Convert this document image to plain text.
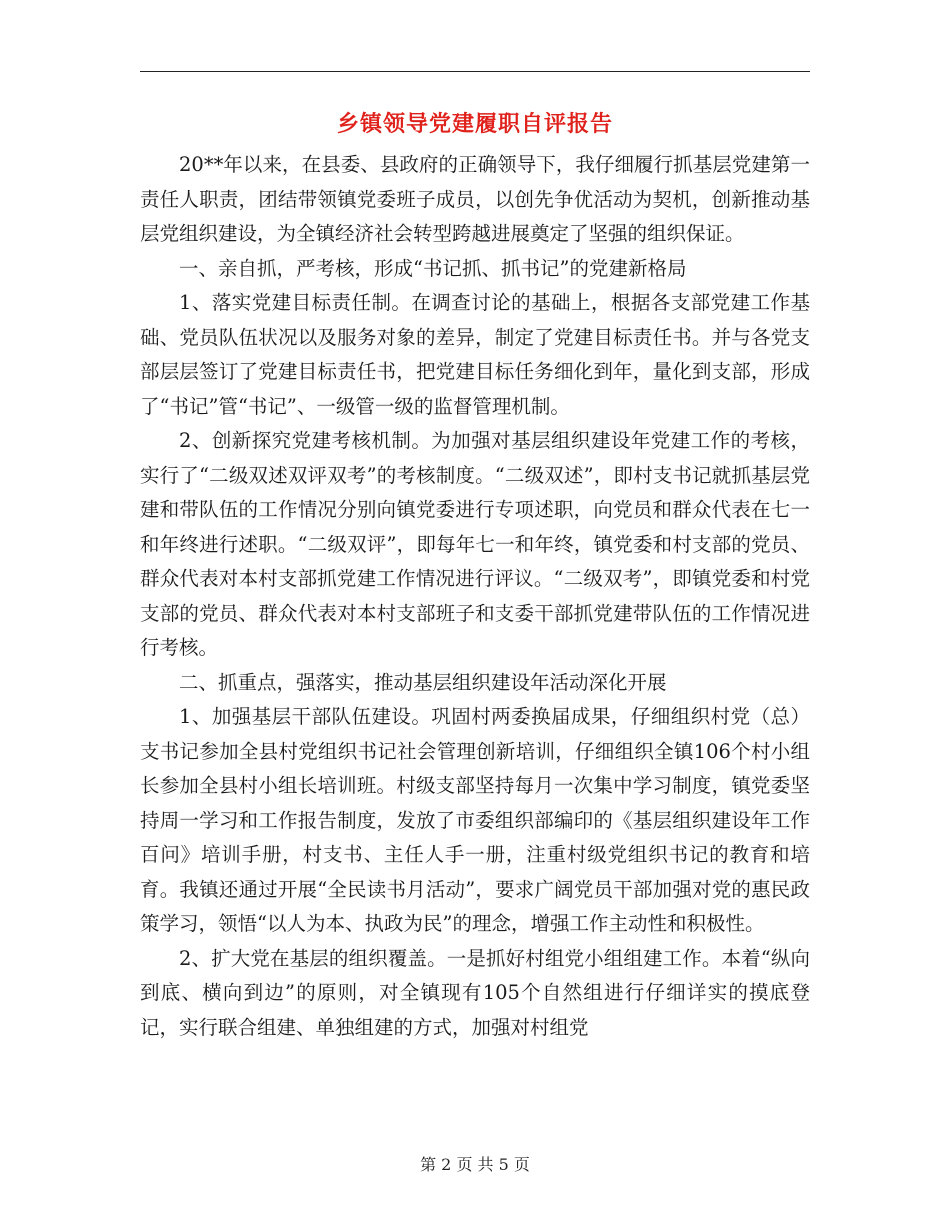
乡镇领导党建履职自评报告

20**年以来，在县委、县政府的正确领导下，我仔细履行抓基层党建第一责任人职责，团结带领镇党委班子成员，以创先争优活动为契机，创新推动基层党组织建设，为全镇经济社会转型跨越进展奠定了坚强的组织保证。

一、亲自抓，严考核，形成“书记抓、抓书记”的党建新格局

1、落实党建目标责任制。在调查讨论的基础上，根据各支部党建工作基础、党员队伍状况以及服务对象的差异，制定了党建目标责任书。并与各党支部层层签订了党建目标责任书，把党建目标任务细化到年，量化到支部，形成了“书记”管“书记”、一级管一级的监督管理机制。

2、创新探究党建考核机制。为加强对基层组织建设年党建工作的考核，实行了“二级双述双评双考”的考核制度。“二级双述”，即村支书记就抓基层党建和带队伍的工作情况分别向镇党委进行专项述职，向党员和群众代表在七一和年终进行述职。“二级双评”，即每年七一和年终，镇党委和村支部的党员、群众代表对本村支部抓党建工作情况进行评议。“二级双考”，即镇党委和村党支部的党员、群众代表对本村支部班子和支委干部抓党建带队伍的工作情况进行考核。

二、抓重点，强落实，推动基层组织建设年活动深化开展

1、加强基层干部队伍建设。巩固村两委换届成果，仔细组织村党（总）支书记参加全县村党组织书记社会管理创新培训，仔细组织全镇106个村小组长参加全县村小组长培训班。村级支部坚持每月一次集中学习制度，镇党委坚持周一学习和工作报告制度，发放了市委组织部编印的《基层组织建设年工作百问》培训手册，村支书、主任人手一册，注重村级党组织书记的教育和培育。我镇还通过开展“全民读书月活动”，要求广阔党员干部加强对党的惠民政策学习，领悟“以人为本、执政为民”的理念，增强工作主动性和积极性。

2、扩大党在基层的组织覆盖。一是抓好村组党小组组建工作。本着“纵向到底、横向到边”的原则，对全镇现有105个自然组进行仔细详实的摸底登记，实行联合组建、单独组建的方式，加强对村组党

第 2 页 共 5 页
